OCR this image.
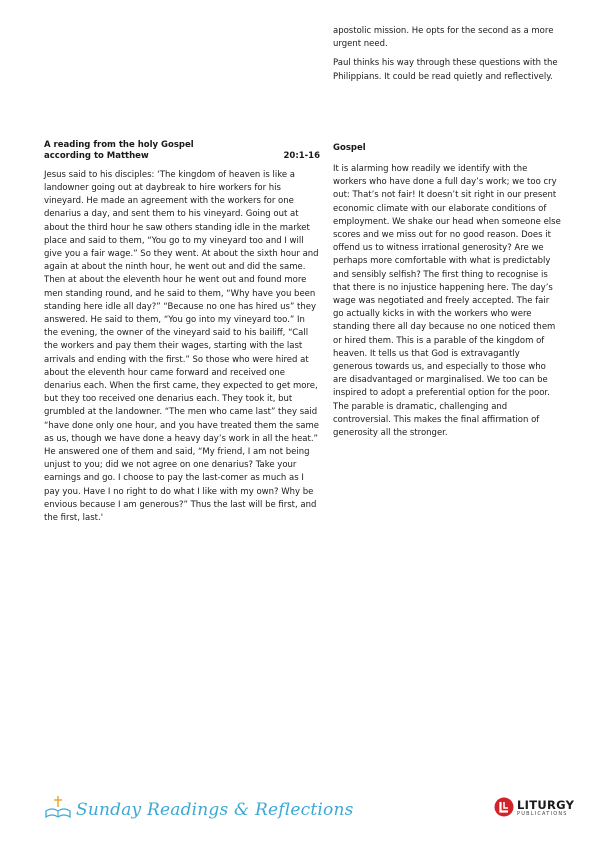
apostolic mission. He opts for the second as a more urgent need.

Paul thinks his way through these questions with the Philippians. It could be read quietly and reflectively.

A reading from the holy Gospel
according to Matthew	20:1-16

Jesus said to his disciples: ‘The kingdom of heaven is like a landowner going out at daybreak to hire workers for his vineyard. He made an agreement with the workers for one denarius a day, and sent them to his vineyard. Going out at about the third hour he saw others standing idle in the market place and said to them, “You go to my vineyard too and I will give you a fair wage.” So they went. At about the sixth hour and again at about the ninth hour, he went out and did the same. Then at about the eleventh hour he went out and found more men standing round, and he said to them, “Why have you been standing here idle all day?” “Because no one has hired us” they answered. He said to them, “You go into my vineyard too.” In the evening, the owner of the vineyard said to his bailiff, “Call the workers and pay them their wages, starting with the last arrivals and ending with the first.” So those who were hired at about the eleventh hour came forward and received one denarius each. When the first came, they expected to get more, but they too received one denarius each. They took it, but grumbled at the landowner. “The men who came last” they said “have done only one hour, and you have treated them the same as us, though we have done a heavy day’s work in all the heat.” He answered one of them and said, “My friend, I am not being unjust to you; did we not agree on one denarius? Take your earnings and go. I choose to pay the last-comer as much as I pay you. Have I no right to do what I like with my own? Why be envious because I am generous?” Thus the last will be first, and the first, last.'

Gospel

It is alarming how readily we identify with the workers who have done a full day’s work; we too cry out: That’s not fair! It doesn’t sit right in our present economic climate with our elaborate conditions of employment. We shake our head when someone else scores and we miss out for no good reason. Does it offend us to witness irrational generosity? Are we perhaps more comfortable with what is predictably and sensibly selfish? The first thing to recognise is that there is no injustice happening here. The day’s wage was negotiated and freely accepted. The fair go actually kicks in with the workers who were standing there all day because no one noticed them or hired them. This is a parable of the kingdom of heaven. It tells us that God is extravagantly generous towards us, and especially to those who are disadvantaged or marginalised. We too can be inspired to adopt a preferential option for the poor. The parable is dramatic, challenging and controversial. This makes the final affirmation of generosity all the stronger.

Sunday Readings & Reflections	LITURGY
PUBLICATIONS
